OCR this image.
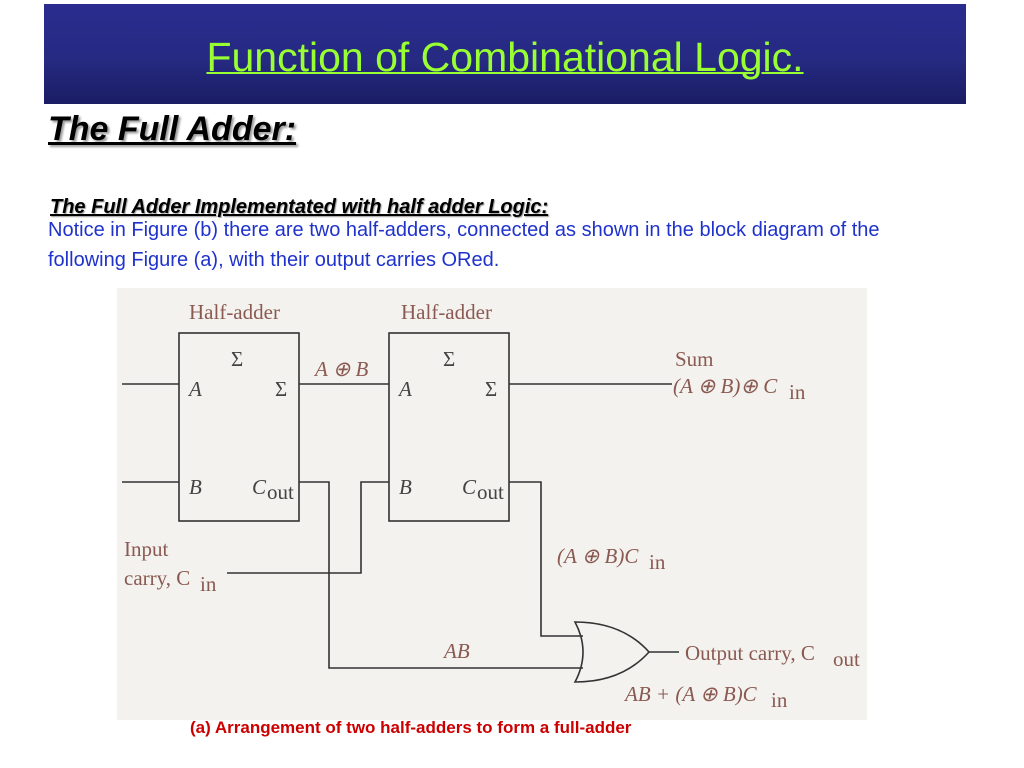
Function of Combinational Logic.
The Full Adder:
Notice in Figure (b) there are two half-adders, connected as shown in the block diagram of the following Figure (a), with their output carries ORed.
The Full Adder Implementated with half adder Logic:
Half-adder
Σ
A	Σ
B C out
Half-adder
Σ
A	Σ
B C out
A ⊕ B	Sum
(A ⊕ B)⊕ C in
Input
carry, C in
(A ⊕ B)C in
AB	Output carry, C out
AB + (A ⊕ B)C in
(a) Arrangement of two half-adders to form a full-adder
